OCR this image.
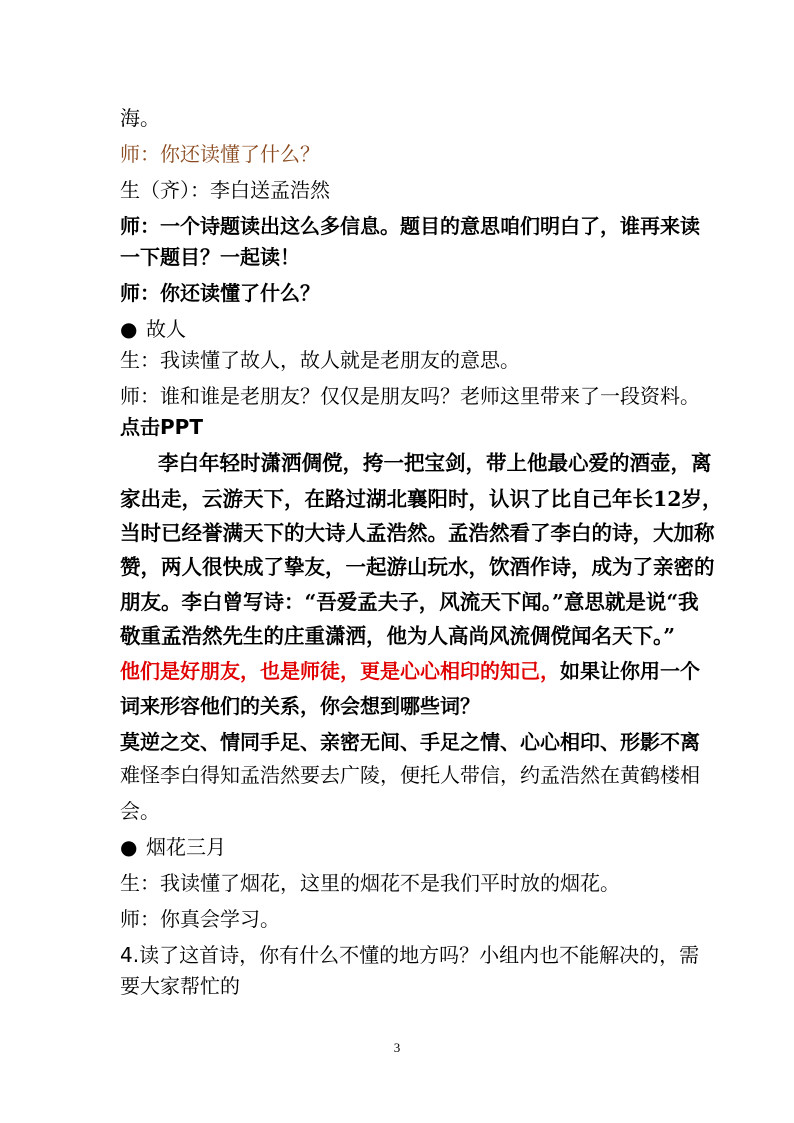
海。
师：你还读懂了什么？
生（齐）：李白送孟浩然
师：一个诗题读出这么多信息。题目的意思咱们明白了，谁再来读
一下题目？一起读！
师：你还读懂了什么？
● 故人
生：我读懂了故人，故人就是老朋友的意思。
师：谁和谁是老朋友？仅仅是朋友吗？老师这里带来了一段资料。
点击PPT
李白年轻时潇洒倜傥，挎一把宝剑，带上他最心爱的酒壶，离
家出走，云游天下，在路过湖北襄阳时，认识了比自己年长12岁，
当时已经誉满天下的大诗人孟浩然。孟浩然看了李白的诗，大加称
赞，两人很快成了挚友，一起游山玩水，饮酒作诗，成为了亲密的
朋友。李白曾写诗：“吾爱孟夫子，风流天下闻。”意思就是说“我
敬重孟浩然先生的庄重潇洒，他为人高尚风流倜傥闻名天下。”
他们是好朋友，也是师徒，更是心心相印的知己，如果让你用一个
词来形容他们的关系，你会想到哪些词？
莫逆之交、情同手足、亲密无间、手足之情、心心相印、形影不离
难怪李白得知孟浩然要去广陵，便托人带信，约孟浩然在黄鹤楼相
会。
● 烟花三月
生：我读懂了烟花，这里的烟花不是我们平时放的烟花。
师：你真会学习。
4.读了这首诗，你有什么不懂的地方吗？小组内也不能解决的，需
要大家帮忙的
3
